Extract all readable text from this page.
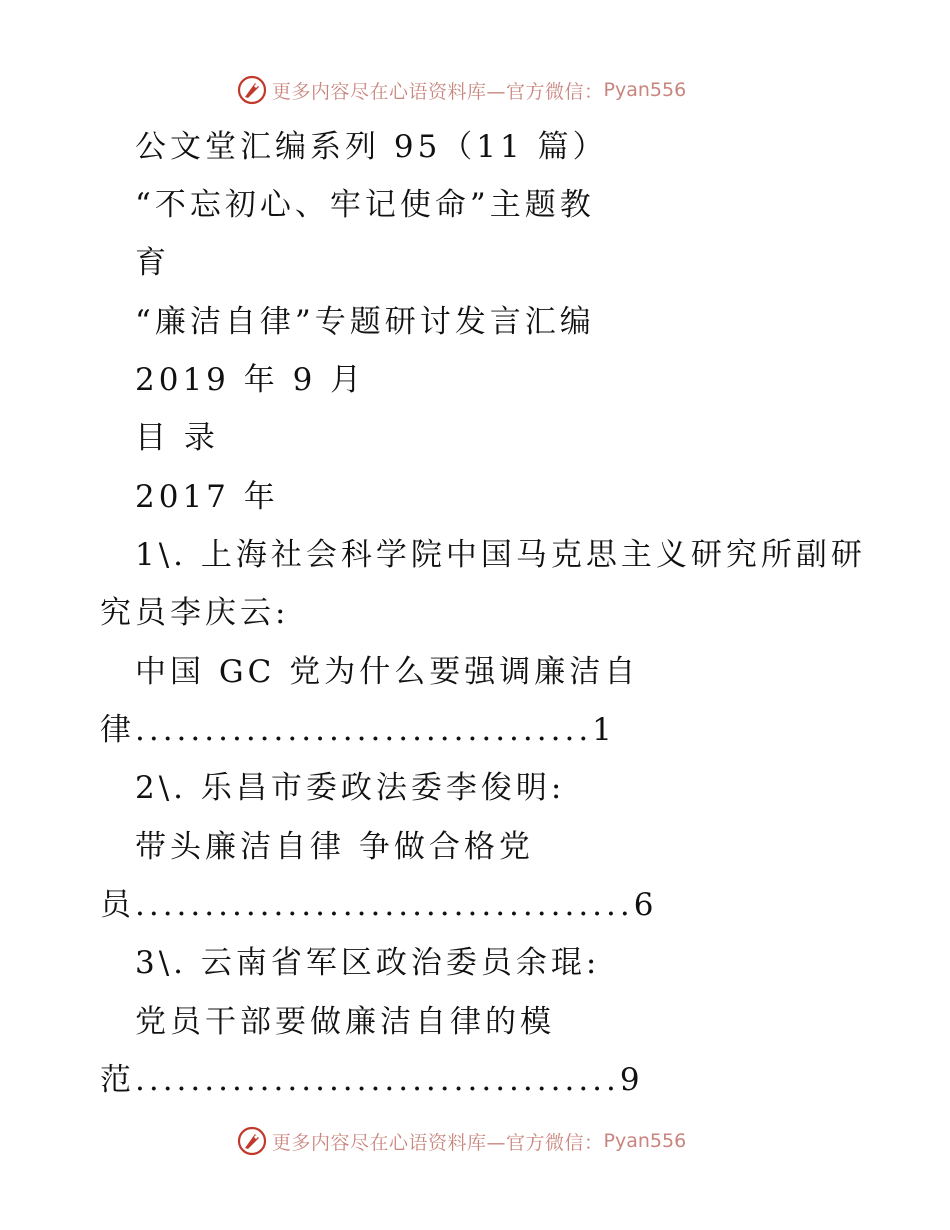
更多内容尽在心语资料库—官方微信： Pyan556
公文堂汇编系列 95（11 篇）
“不忘初心、牢记使命”主题教
育
“廉洁自律”专题研讨发言汇编
2019 年 9 月
目 录
2017 年
1\. 上海社会科学院中国马克思主义研究所副研
究员李庆云:
中国 GC 党为什么要强调廉洁自
律.................................1
2\. 乐昌市委政法委李俊明:
带头廉洁自律 争做合格党
员....................................6
3\. 云南省军区政治委员余琨:
党员干部要做廉洁自律的模
范...................................9
更多内容尽在心语资料库—官方微信： Pyan556
